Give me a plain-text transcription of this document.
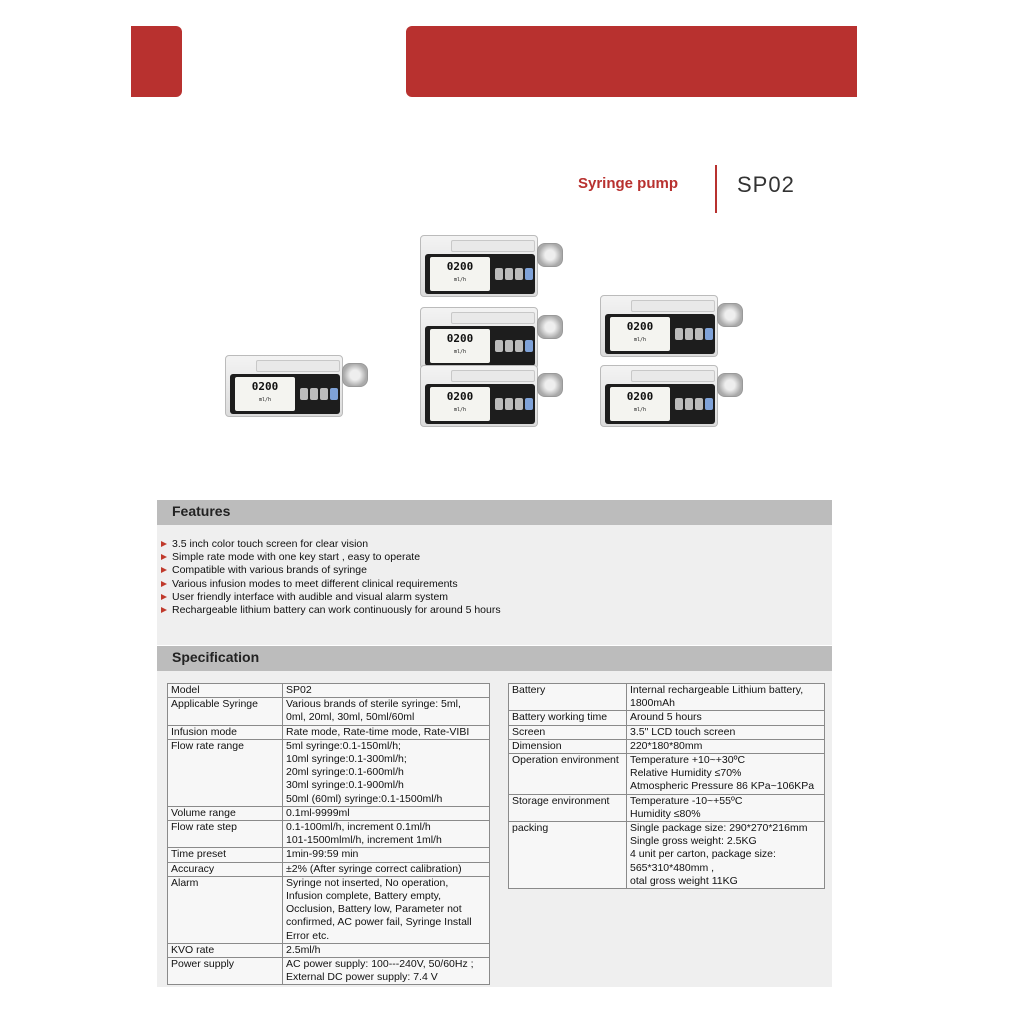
Syringe pump	SP02
0200
ml/h
0200
ml/h
0200
ml/h
0200
ml/h
0200
ml/h
0200
ml/h
Features
3.5 inch color touch screen for clear vision
Simple rate mode with one key start , easy to operate
Compatible with various brands of syringe
Various infusion modes to meet different clinical requirements
User friendly interface with audible and visual alarm system
Rechargeable lithium battery can work continuously for around 5 hours
Specification
Model	SP02
Applicable Syringe	Various brands of sterile syringe: 5ml,
0ml, 20ml, 30ml, 50ml/60ml
Infusion mode	Rate mode, Rate-time mode, Rate-VIBI
Flow rate range	5ml syringe:0.1-150ml/h;
10ml syringe:0.1-300ml/h;
20ml syringe:0.1-600ml/h
30ml syringe:0.1-900ml/h
50ml (60ml) syringe:0.1-1500ml/h
Volume range	0.1ml-9999ml
Flow rate step	0.1-100ml/h, increment 0.1ml/h
101-1500mlml/h, increment 1ml/h
Time preset	1min-99:59 min
Accuracy	±2% (After syringe correct calibration)
Alarm	Syringe not inserted, No operation,
Infusion complete, Battery empty,
Occlusion, Battery low, Parameter not
confirmed, AC power fail, Syringe Install
Error etc.
KVO rate	2.5ml/h
Power supply	AC power supply: 100---240V, 50/60Hz ;
External DC power supply: 7.4 V
Battery	Internal rechargeable Lithium battery,
1800mAh
Battery working time	Around 5 hours
Screen	3.5" LCD touch screen
Dimension	220*180*80mm
Operation environment	Temperature +10~+30ºC
Relative Humidity ≤70%
Atmospheric Pressure 86 KPa~106KPa
Storage environment	Temperature -10~+55ºC
Humidity ≤80%
packing	Single package size: 290*270*216mm
Single gross weight: 2.5KG
4 unit per carton, package size:
565*310*480mm ,
otal gross weight 11KG
